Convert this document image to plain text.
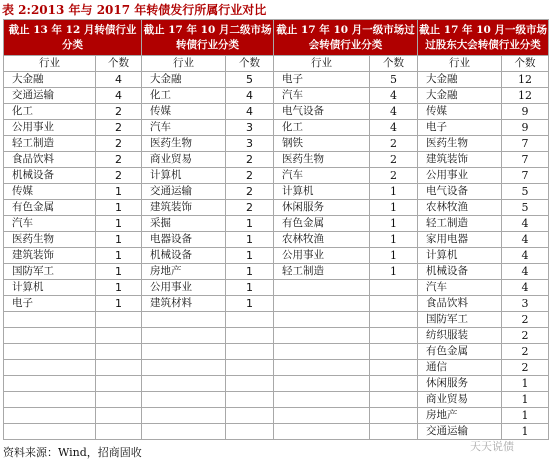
表 2:2013 年与 2017 年转债发行所属行业对比
截止 13 年 12 月转债行业分类		截止 17 年 10 月二级市场转债行业分类		截止 17 年 10 月一级市场过会转债行业分类		截止 17 年 10 月一级市场过股东大会转债行业分类	
行业	个数	行业	个数	行业	个数	行业	个数
大金融	4	大金融	5	电子	5	大金融	12
交通运输	4	化工	4	汽车	4	大金融	12
化工	2	传媒	4	电气设备	4	传媒	9
公用事业	2	汽车	3	化工	4	电子	9
轻工制造	2	医药生物	3	钢铁	2	医药生物	7
食品饮料	2	商业贸易	2	医药生物	2	建筑装饰	7
机械设备	2	计算机	2	汽车	2	公用事业	7
传媒	1	交通运输	2	计算机	1	电气设备	5
有色金属	1	建筑装饰	2	休闲服务	1	农林牧渔	5
汽车	1	采掘	1	有色金属	1	轻工制造	4
医药生物	1	电器设备	1	农林牧渔	1	家用电器	4
建筑装饰	1	机械设备	1	公用事业	1	计算机	4
国防军工	1	房地产	1	轻工制造	1	机械设备	4
计算机	1	公用事业	1			汽车	4
电子	1	建筑材料	1			食品饮料	3
						国防军工	2
						纺织服装	2
						有色金属	2
						通信	2
						休闲服务	1
						商业贸易	1
						房地产	1
						交通运输	1
资料来源：Wind，招商固收	天天说债
